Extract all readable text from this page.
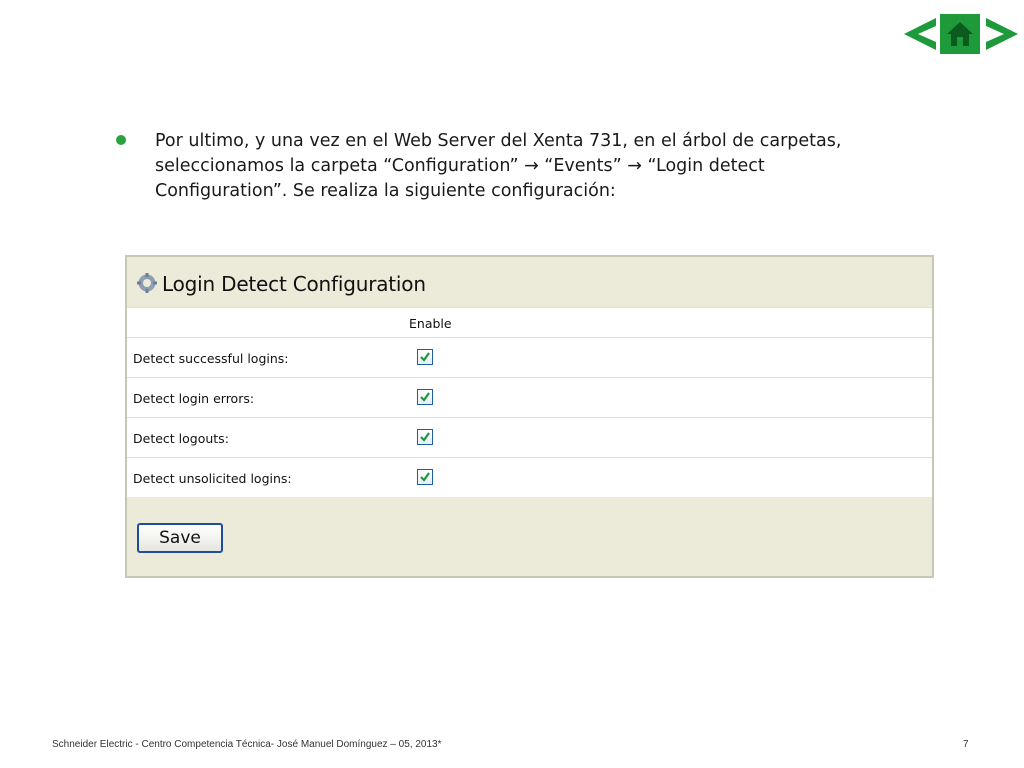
Por ultimo, y una vez en el Web Server del Xenta 731, en el árbol de carpetas, seleccionamos la carpeta “Configuration” → “Events” → “Login detect Configuration”. Se realiza la siguiente configuración:
Login Detect Configuration
Enable
Detect successful logins:
Detect login errors:
Detect logouts:
Detect unsolicited logins:
Save
Schneider Electric - Centro Competencia Técnica- José Manuel Domínguez – 05, 2013*	7
